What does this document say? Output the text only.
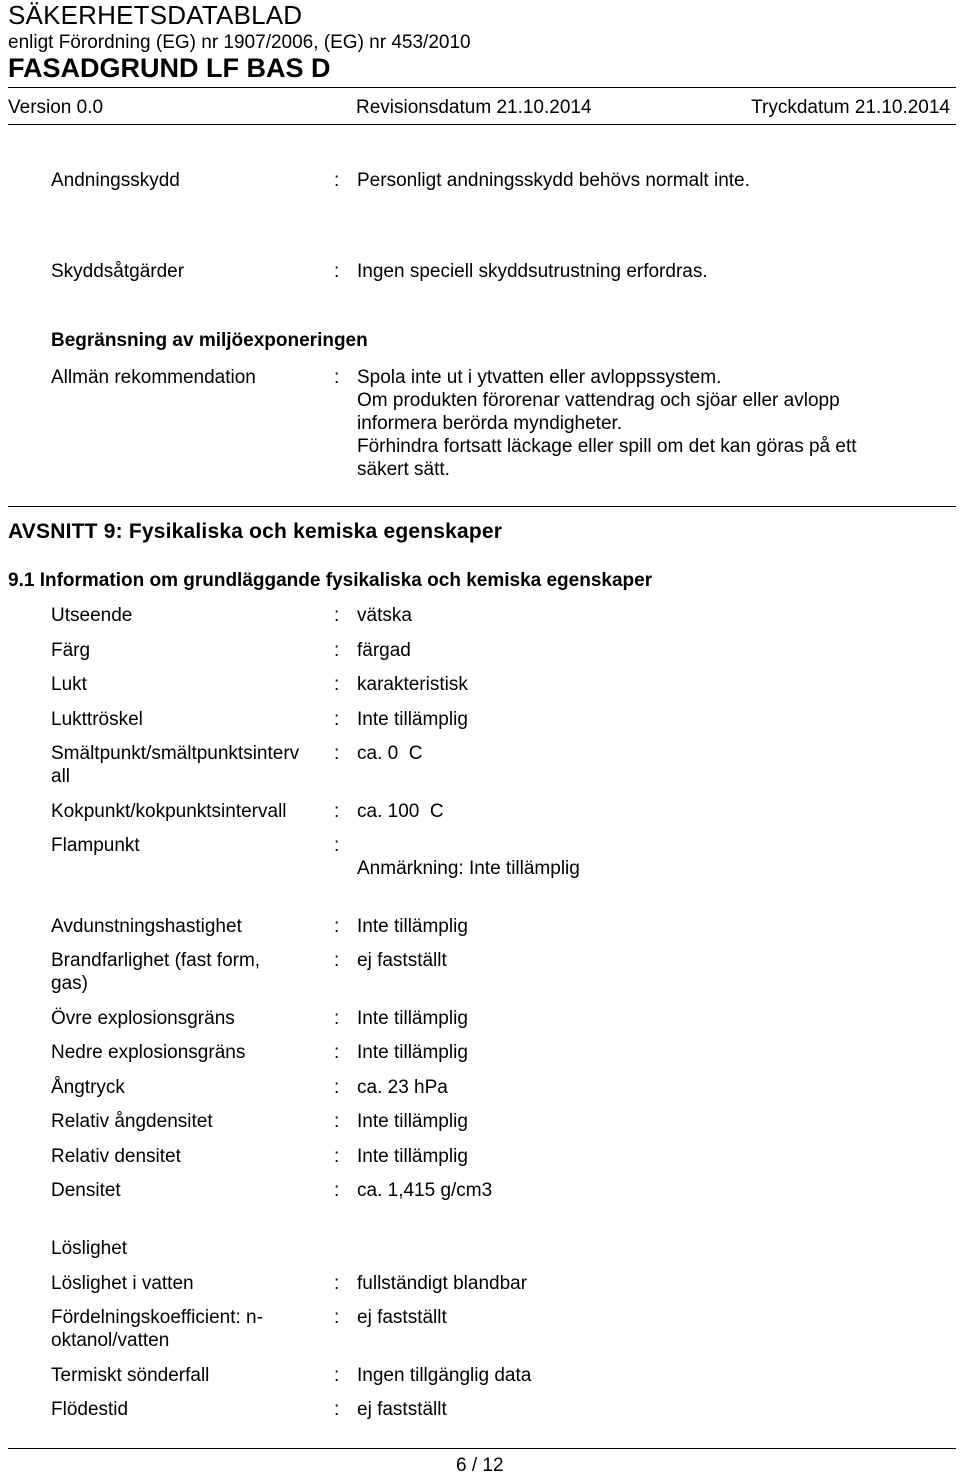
SÄKERHETSDATABLAD
enligt Förordning (EG) nr 1907/2006, (EG) nr 453/2010
FASADGRUND LF BAS D
Version 0.0	Revisionsdatum 21.10.2014	Tryckdatum 21.10.2014
Andningsskydd	: Personligt andningsskydd behövs normalt inte.
Skyddsåtgärder	: Ingen speciell skyddsutrustning erfordras.
Begränsning av miljöexponeringen
Allmän rekommendation	: Spola inte ut i ytvatten eller avloppssystem.
Om produkten förorenar vattendrag och sjöar eller avlopp
informera berörda myndigheter.
Förhindra fortsatt läckage eller spill om det kan göras på ett
säkert sätt.
AVSNITT 9: Fysikaliska och kemiska egenskaper
9.1 Information om grundläggande fysikaliska och kemiska egenskaper
Utseende	: vätska
Färg	: färgad
Lukt	: karakteristisk
Lukttröskel	: Inte tillämplig
Smältpunkt/smältpunktsinterv
all
: ca. 0  C
Kokpunkt/kokpunktsintervall : ca. 100  C
Flampunkt	:
Anmärkning: Inte tillämplig
Avdunstningshastighet	: Inte tillämplig
Brandfarlighet (fast form,
gas)
: ej fastställt
Övre explosionsgräns	: Inte tillämplig
Nedre explosionsgräns	: Inte tillämplig
Ångtryck	: ca. 23 hPa
Relativ ångdensitet	: Inte tillämplig
Relativ densitet	: Inte tillämplig
Densitet	: ca. 1,415 g/cm3
Löslighet
Löslighet i vatten	: fullständigt blandbar
Fördelningskoefficient: n-
oktanol/vatten
: ej fastställt
Termiskt sönderfall	: Ingen tillgänglig data
Flödestid	: ej fastställt
6 / 12
